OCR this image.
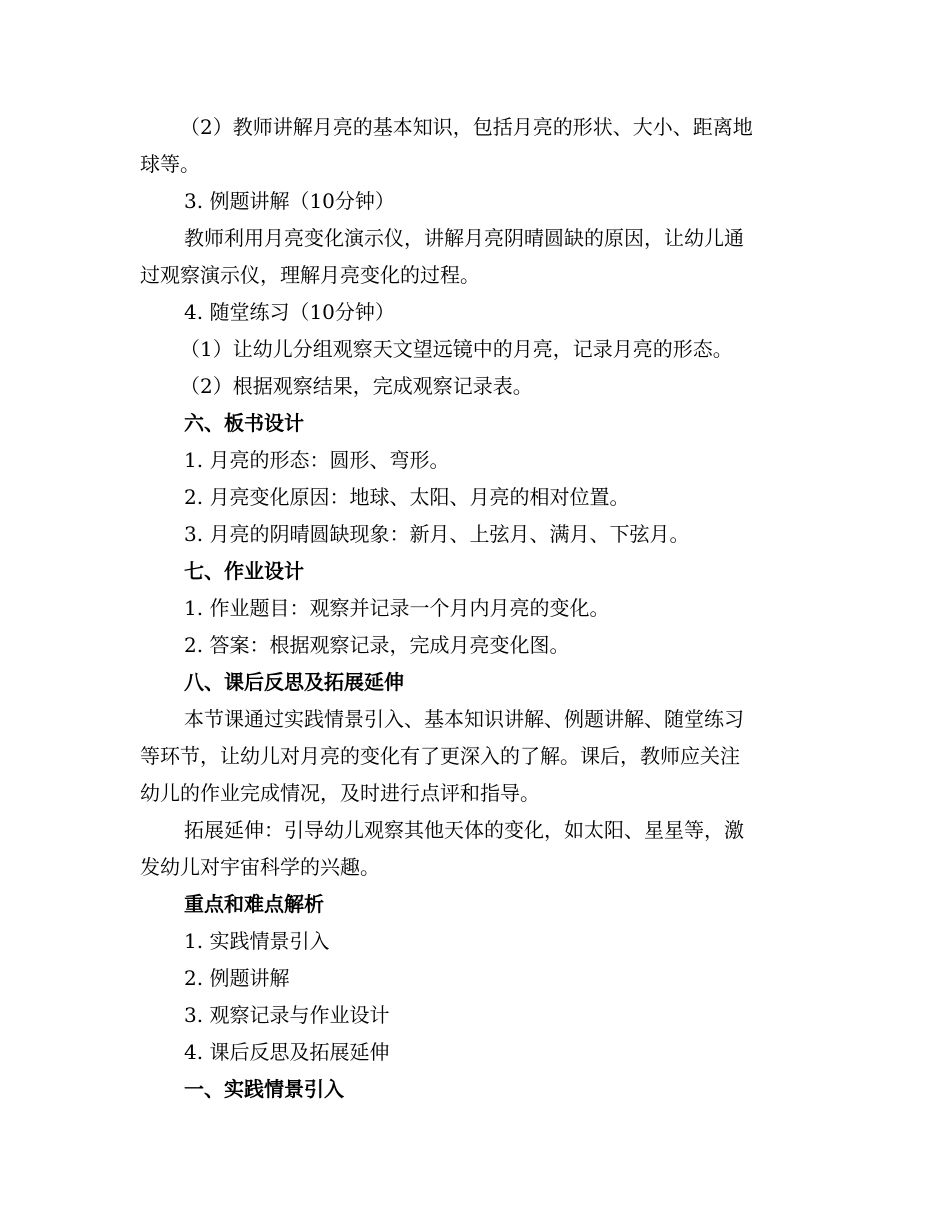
（2）教师讲解月亮的基本知识，包括月亮的形状、大小、距离地
球等。
3. 例题讲解（10分钟）
教师利用月亮变化演示仪，讲解月亮阴晴圆缺的原因，让幼儿通
过观察演示仪，理解月亮变化的过程。
4. 随堂练习（10分钟）
（1）让幼儿分组观察天文望远镜中的月亮，记录月亮的形态。
（2）根据观察结果，完成观察记录表。
六、板书设计
1. 月亮的形态：圆形、弯形。
2. 月亮变化原因：地球、太阳、月亮的相对位置。
3. 月亮的阴晴圆缺现象：新月、上弦月、满月、下弦月。
七、作业设计
1. 作业题目：观察并记录一个月内月亮的变化。
2. 答案：根据观察记录，完成月亮变化图。
八、课后反思及拓展延伸
本节课通过实践情景引入、基本知识讲解、例题讲解、随堂练习
等环节，让幼儿对月亮的变化有了更深入的了解。课后，教师应关注
幼儿的作业完成情况，及时进行点评和指导。
拓展延伸：引导幼儿观察其他天体的变化，如太阳、星星等，激
发幼儿对宇宙科学的兴趣。
重点和难点解析
1. 实践情景引入
2. 例题讲解
3. 观察记录与作业设计
4. 课后反思及拓展延伸
一、实践情景引入
